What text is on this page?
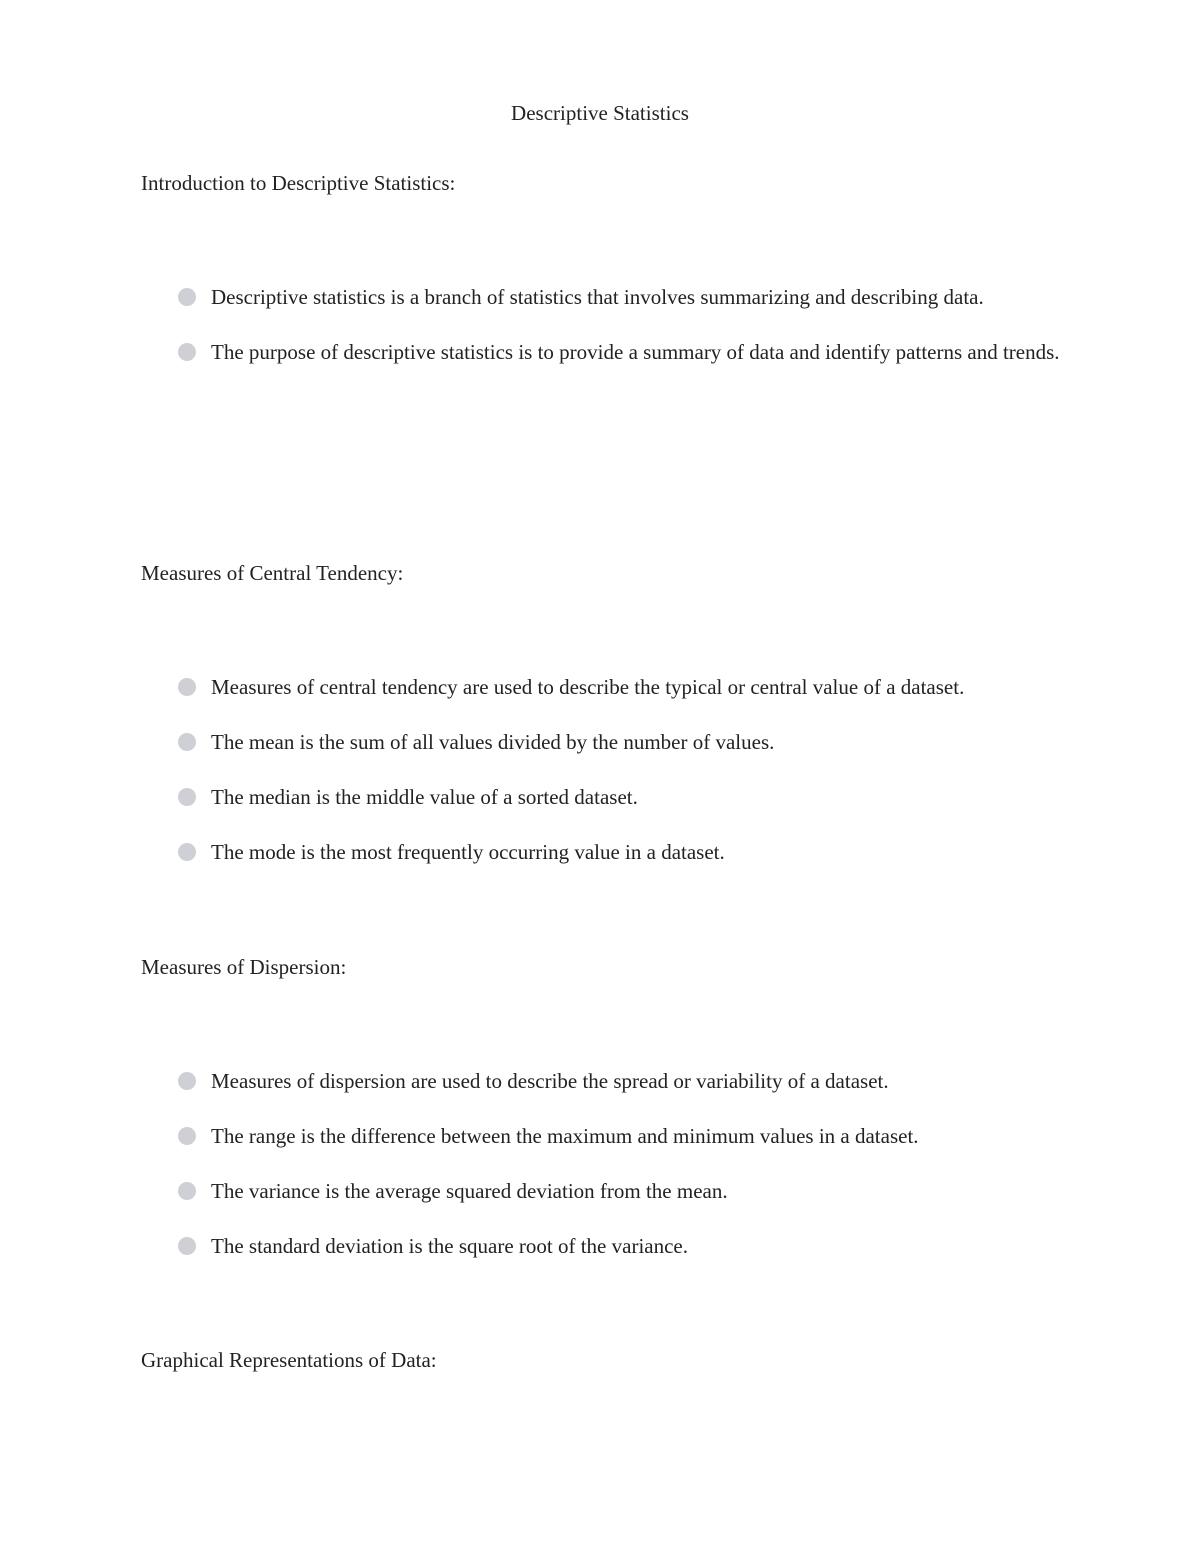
Descriptive Statistics
Introduction to Descriptive Statistics:
Descriptive statistics is a branch of statistics that involves summarizing and describing data.
The purpose of descriptive statistics is to provide a summary of data and identify patterns and trends.
Measures of Central Tendency:
Measures of central tendency are used to describe the typical or central value of a dataset.
The mean is the sum of all values divided by the number of values.
The median is the middle value of a sorted dataset.
The mode is the most frequently occurring value in a dataset.
Measures of Dispersion:
Measures of dispersion are used to describe the spread or variability of a dataset.
The range is the difference between the maximum and minimum values in a dataset.
The variance is the average squared deviation from the mean.
The standard deviation is the square root of the variance.
Graphical Representations of Data:
